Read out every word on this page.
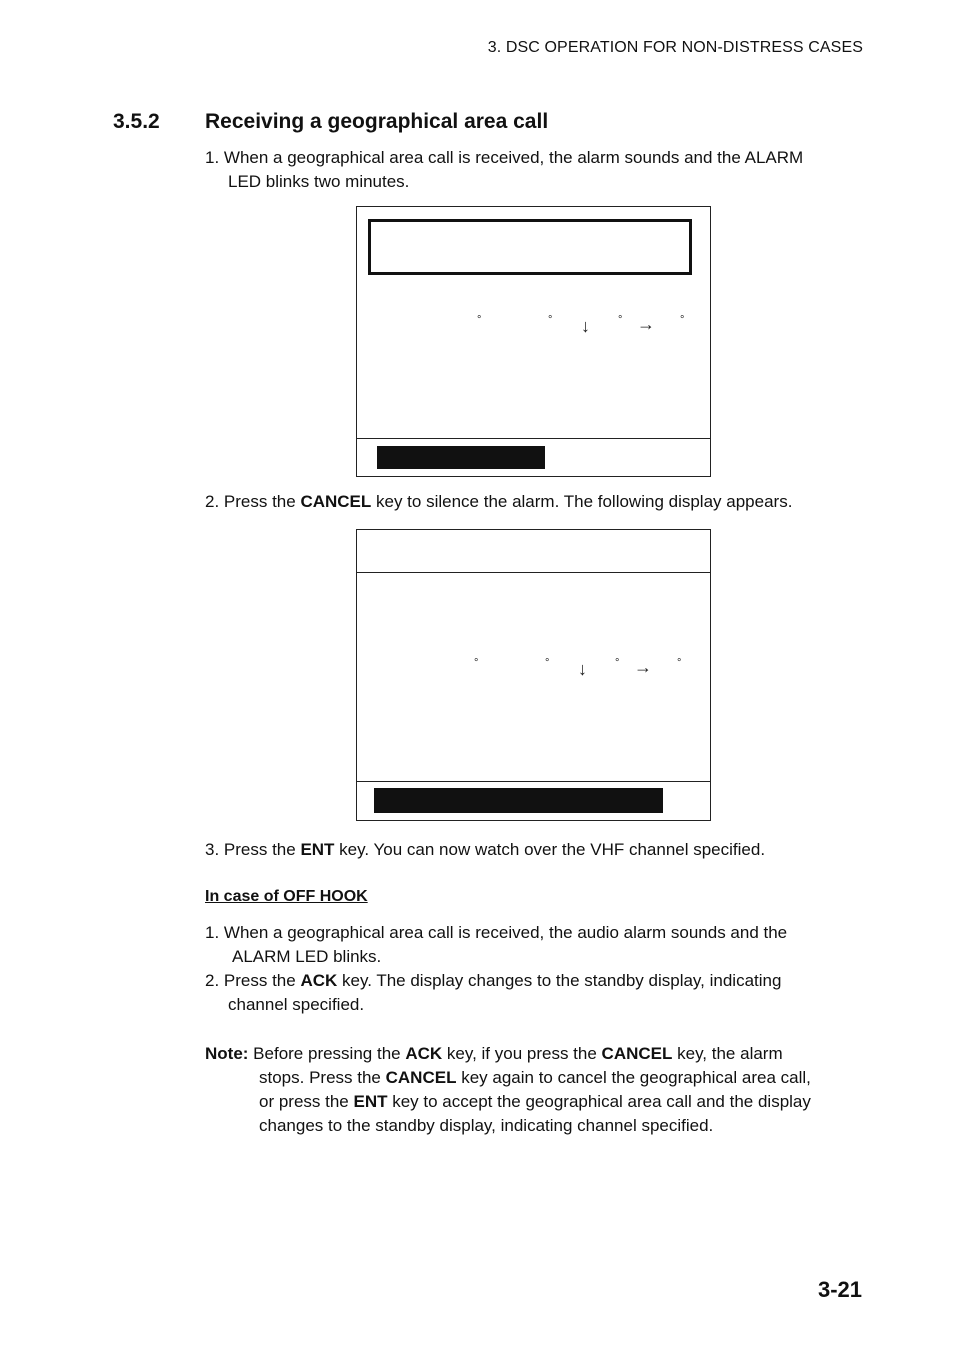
3. DSC OPERATION FOR NON-DISTRESS CASES
3.5.2 Receiving a geographical area call
1. When a geographical area call is received, the alarm sounds and the ALARM
LED blinks two minutes.
°	° ↓	° → °
2. Press the CANCEL key to silence the alarm. The following display appears.
°	° ↓	° → °
3. Press the ENT key. You can now watch over the VHF channel specified.
In case of OFF HOOK
1. When a geographical area call is received, the audio alarm sounds and the
ALARM LED blinks.
2. Press the ACK key. The display changes to the standby display, indicating
channel specified.
Note: Before pressing the ACK key, if you press the CANCEL key, the alarm
stops. Press the CANCEL key again to cancel the geographical area call,
or press the ENT key to accept the geographical area call and the display
changes to the standby display, indicating channel specified.
3-21
